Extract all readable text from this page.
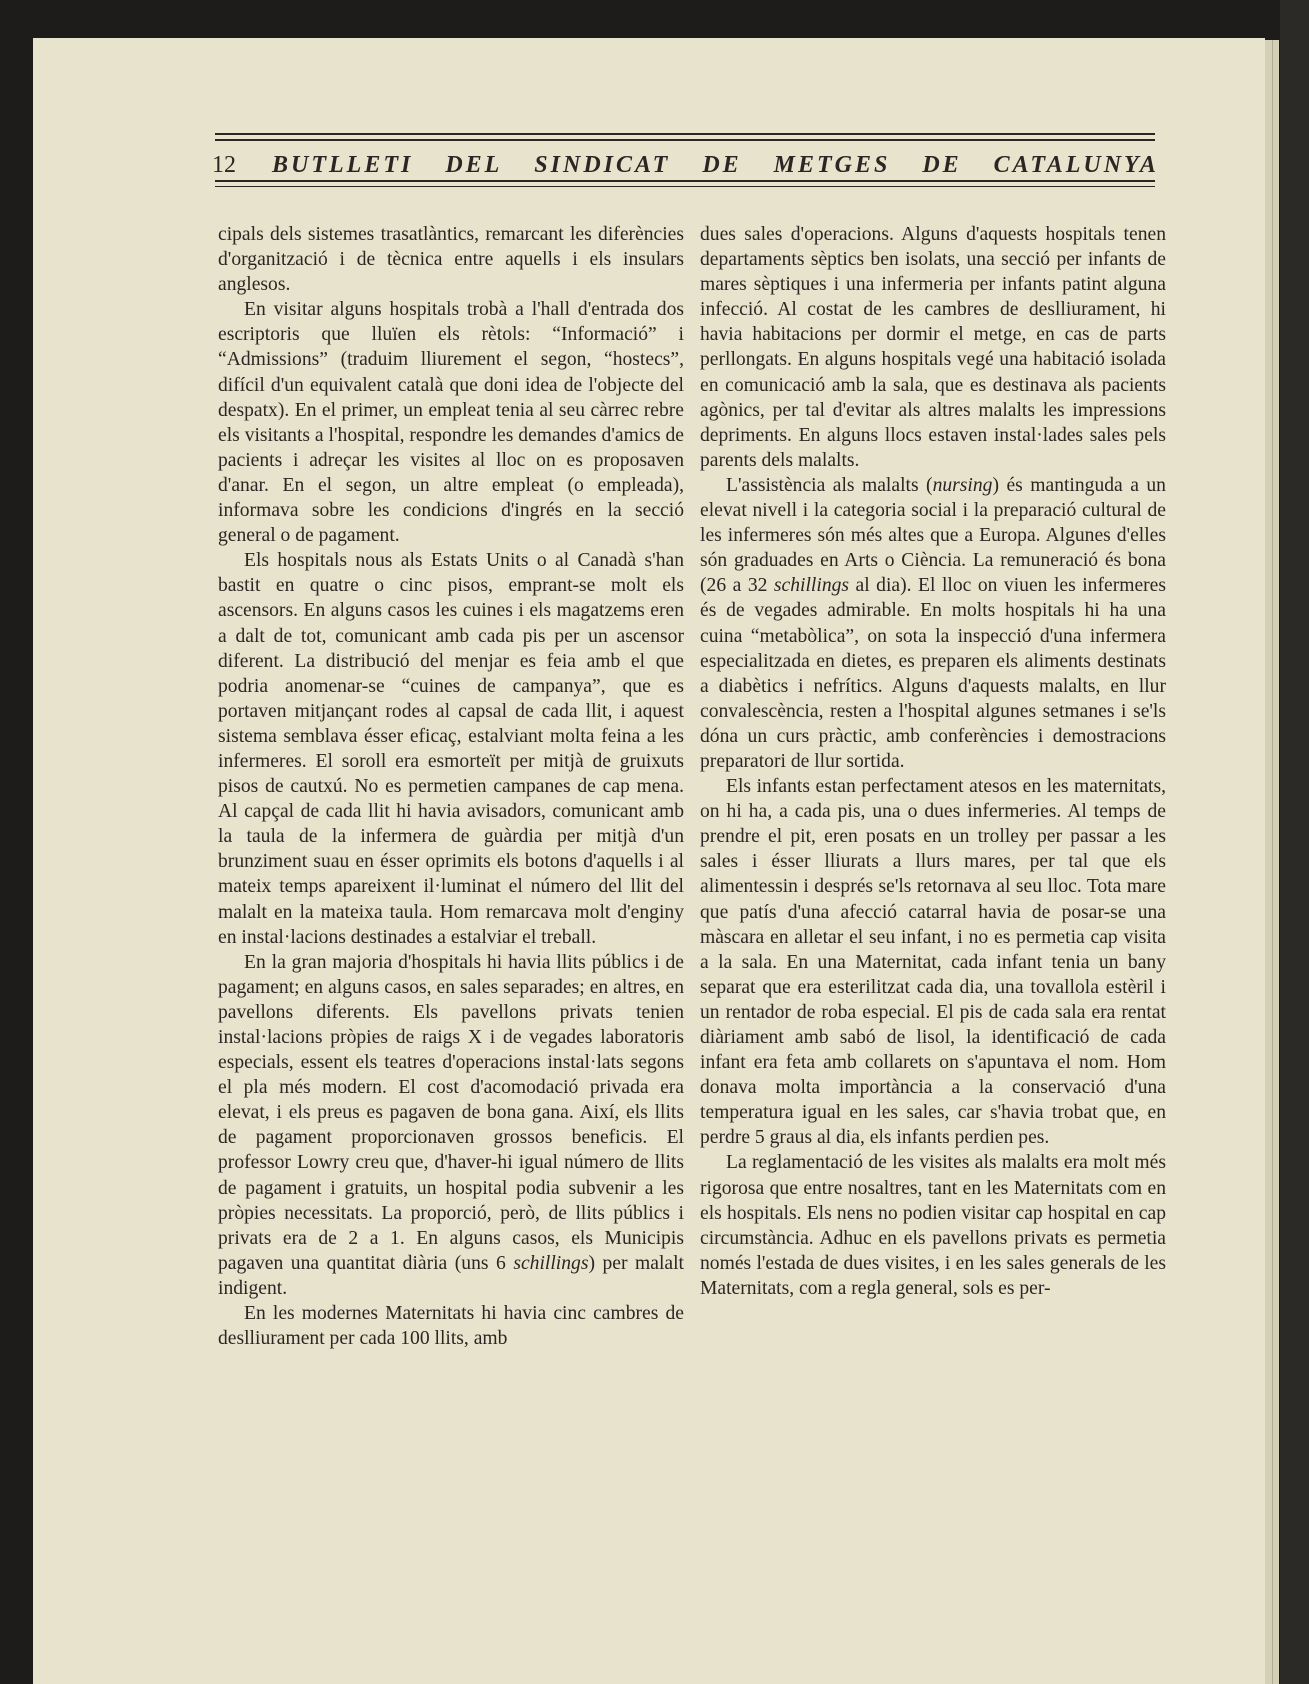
12 BUTLLETI DEL SINDICAT DE METGES DE CATALUNYA

cipals dels sistemes trasatlàntics, remarcant les diferències d'organització i de tècnica entre aquells i els insulars anglesos.

En visitar alguns hospitals trobà a l'hall d'entrada dos escriptoris que lluïen els rètols: “Informació” i “Admissions” (traduim lliurement el segon, “hostecs”, difícil d'un equivalent català que doni idea de l'objecte del despatx). En el primer, un empleat tenia al seu càrrec rebre els visitants a l'hospital, respondre les demandes d'amics de pacients i adreçar les visites al lloc on es proposaven d'anar. En el segon, un altre empleat (o empleada), informava sobre les condicions d'ingrés en la secció general o de pagament.

Els hospitals nous als Estats Units o al Canadà s'han bastit en quatre o cinc pisos, emprant-se molt els ascensors. En alguns casos les cuines i els magatzems eren a dalt de tot, comunicant amb cada pis per un ascensor diferent. La distribució del menjar es feia amb el que podria anomenar-se “cuines de campanya”, que es portaven mitjançant rodes al capsal de cada llit, i aquest sistema semblava ésser eficaç, estalviant molta feina a les infermeres. El soroll era esmorteït per mitjà de gruixuts pisos de cautxú. No es permetien campanes de cap mena. Al capçal de cada llit hi havia avisadors, comunicant amb la taula de la infermera de guàrdia per mitjà d'un brunziment suau en ésser oprimits els botons d'aquells i al mateix temps apareixent il·luminat el número del llit del malalt en la mateixa taula. Hom remarcava molt d'enginy en instal·lacions destinades a estalviar el treball.

En la gran majoria d'hospitals hi havia llits públics i de pagament; en alguns casos, en sales separades; en altres, en pavellons diferents. Els pavellons privats tenien instal·lacions pròpies de raigs X i de vegades laboratoris especials, essent els teatres d'operacions instal·lats segons el pla més modern. El cost d'acomodació privada era elevat, i els preus es pagaven de bona gana. Així, els llits de pagament proporcionaven grossos beneficis. El professor Lowry creu que, d'haver-hi igual número de llits de pagament i gratuits, un hospital podia subvenir a les pròpies necessitats. La proporció, però, de llits públics i privats era de 2 a 1. En alguns casos, els Municipis pagaven una quantitat diària (uns 6 schillings) per malalt indigent.

En les modernes Maternitats hi havia cinc cambres de deslliurament per cada 100 llits, amb

dues sales d'operacions. Alguns d'aquests hospitals tenen departaments sèptics ben isolats, una secció per infants de mares sèptiques i una infermeria per infants patint alguna infecció. Al costat de les cambres de deslliurament, hi havia habitacions per dormir el metge, en cas de parts perllongats. En alguns hospitals vegé una habitació isolada en comunicació amb la sala, que es destinava als pacients agònics, per tal d'evitar als altres malalts les impressions depriments. En alguns llocs estaven instal·lades sales pels parents dels malalts.

L'assistència als malalts (nursing) és mantinguda a un elevat nivell i la categoria social i la preparació cultural de les infermeres són més altes que a Europa. Algunes d'elles són graduades en Arts o Ciència. La remuneració és bona (26 a 32 schillings al dia). El lloc on viuen les infermeres és de vegades admirable. En molts hospitals hi ha una cuina “metabòlica”, on sota la inspecció d'una infermera especialitzada en dietes, es preparen els aliments destinats a diabètics i nefrítics. Alguns d'aquests malalts, en llur convalescència, resten a l'hospital algunes setmanes i se'ls dóna un curs pràctic, amb conferències i demostracions preparatori de llur sortida.

Els infants estan perfectament atesos en les maternitats, on hi ha, a cada pis, una o dues infermeries. Al temps de prendre el pit, eren posats en un trolley per passar a les sales i ésser lliurats a llurs mares, per tal que els alimentessin i després se'ls retornava al seu lloc. Tota mare que patís d'una afecció catarral havia de posar-se una màscara en alletar el seu infant, i no es permetia cap visita a la sala. En una Maternitat, cada infant tenia un bany separat que era esterilitzat cada dia, una tovallola estèril i un rentador de roba especial. El pis de cada sala era rentat diàriament amb sabó de lisol, la identificació de cada infant era feta amb collarets on s'apuntava el nom. Hom donava molta importància a la conservació d'una temperatura igual en les sales, car s'havia trobat que, en perdre 5 graus al dia, els infants perdien pes.

La reglamentació de les visites als malalts era molt més rigorosa que entre nosaltres, tant en les Maternitats com en els hospitals. Els nens no podien visitar cap hospital en cap circumstància. Adhuc en els pavellons privats es permetia només l'estada de dues visites, i en les sales generals de les Maternitats, com a regla general, sols es per-
